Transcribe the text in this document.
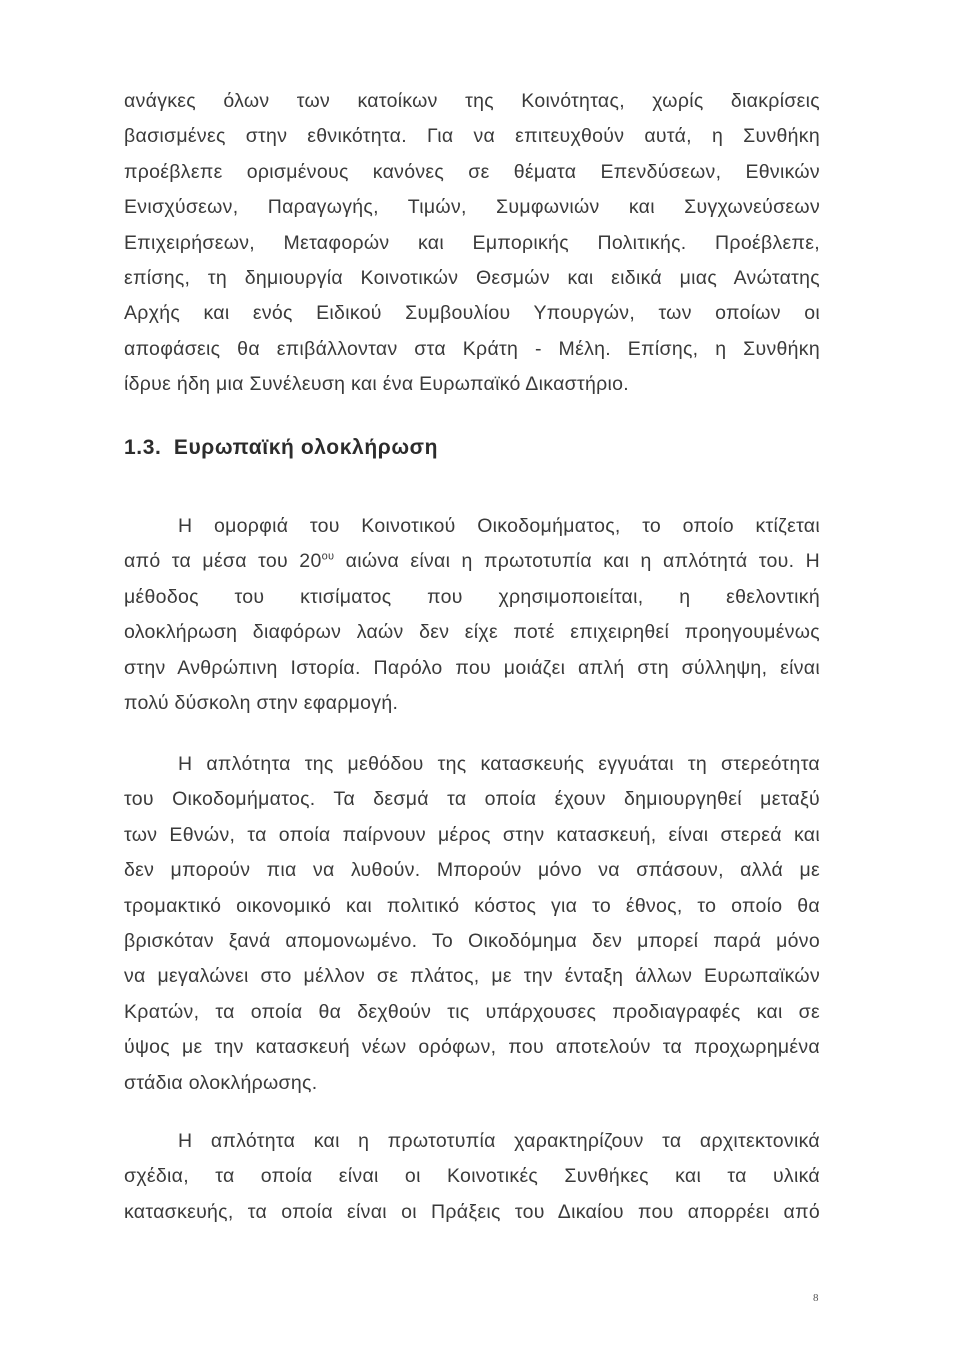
ανάγκες όλων των κατοίκων της Κοινότητας, χωρίς διακρίσεις
βασισμένες στην εθνικότητα. Για να επιτευχθούν αυτά, η Συνθήκη
προέβλεπε ορισμένους κανόνες σε θέματα Επενδύσεων, Εθνικών
Ενισχύσεων, Παραγωγής, Τιμών, Συμφωνιών και Συγχωνεύσεων
Επιχειρήσεων, Μεταφορών και Εμπορικής Πολιτικής. Προέβλεπε,
επίσης, τη δημιουργία Κοινοτικών Θεσμών και ειδικά μιας Ανώτατης
Αρχής και ενός Ειδικού Συμβουλίου Υπουργών, των οποίων οι
αποφάσεις θα επιβάλλονταν στα Κράτη - Μέλη. Επίσης, η Συνθήκη
ίδρυε ήδη μια Συνέλευση και ένα Ευρωπαϊκό Δικαστήριο.
1.3. Ευρωπαϊκή ολοκλήρωση
Η ομορφιά του Κοινοτικού Οικοδομήματος, το οποίο κτίζεται
από τα μέσα του $20^{o\upsilon}$ αιώνα είναι η πρωτοτυπία και η απλότητά του. Η
μέθοδος του κτισίματος που χρησιμοποιείται, η εθελοντική
ολοκλήρωση διαφόρων λαών δεν είχε ποτέ επιχειρηθεί προηγουμένως
στην Ανθρώπινη Ιστορία. Παρόλο που μοιάζει απλή στη σύλληψη, είναι
πολύ δύσκολη στην εφαρμογή.
Η απλότητα της μεθόδου της κατασκευής εγγυάται τη στερεότητα
του Οικοδομήματος. Τα δεσμά τα οποία έχουν δημιουργηθεί μεταξύ
των Εθνών, τα οποία παίρνουν μέρος στην κατασκευή, είναι στερεά και
δεν μπορούν πια να λυθούν. Μπορούν μόνο να σπάσουν, αλλά με
τρομακτικό οικονομικό και πολιτικό κόστος για το έθνος, το οποίο θα
βρισκόταν ξανά απομονωμένο. Το Οικοδόμημα δεν μπορεί παρά μόνο
να μεγαλώνει στο μέλλον σε πλάτος, με την ένταξη άλλων Ευρωπαϊκών
Κρατών, τα οποία θα δεχθούν τις υπάρχουσες προδιαγραφές και σε
ύψος με την κατασκευή νέων ορόφων, που αποτελούν τα προχωρημένα
στάδια ολοκλήρωσης.
Η απλότητα και η πρωτοτυπία χαρακτηρίζουν τα αρχιτεκτονικά
σχέδια, τα οποία είναι οι Κοινοτικές Συνθήκες και τα υλικά
κατασκευής, τα οποία είναι οι Πράξεις του Δικαίου που απορρέει από
8
